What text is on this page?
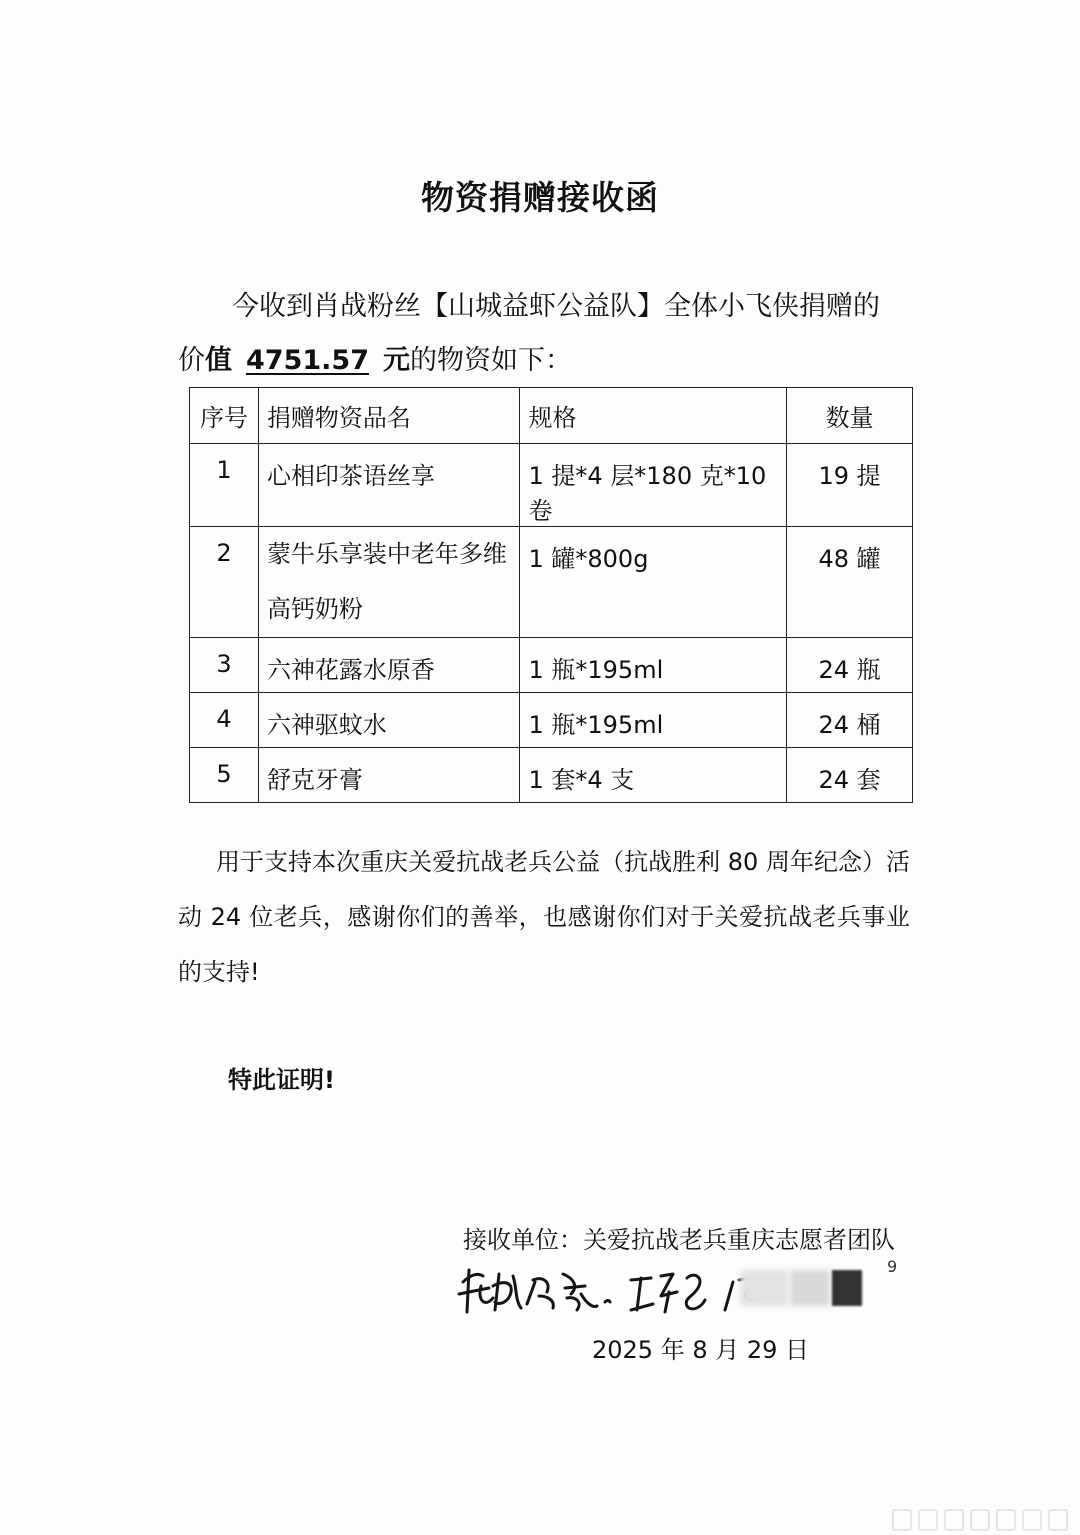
物资捐赠接收函
今收到肖战粉丝【山城益虾公益队】全体小飞侠捐赠的
价值 4751.57 元的物资如下：
序号	捐赠物资品名	规格	数量
1	心相印茶语丝享	1 提*4 层*180 克*10 卷	19 提
2	蒙牛乐享装中老年多维
高钙奶粉	1 罐*800g	48 罐
3	六神花露水原香	1 瓶*195ml	24 瓶
4	六神驱蚊水	1 瓶*195ml	24 桶
5	舒克牙膏	1 套*4 支	24 套
用于支持本次重庆关爱抗战老兵公益（抗战胜利 80 周年纪念）活动 24 位老兵，感谢你们的善举，也感谢你们对于关爱抗战老兵事业的支持!
特此证明!
接收单位：关爱抗战老兵重庆志愿者团队
9
2025 年 8 月 29 日
